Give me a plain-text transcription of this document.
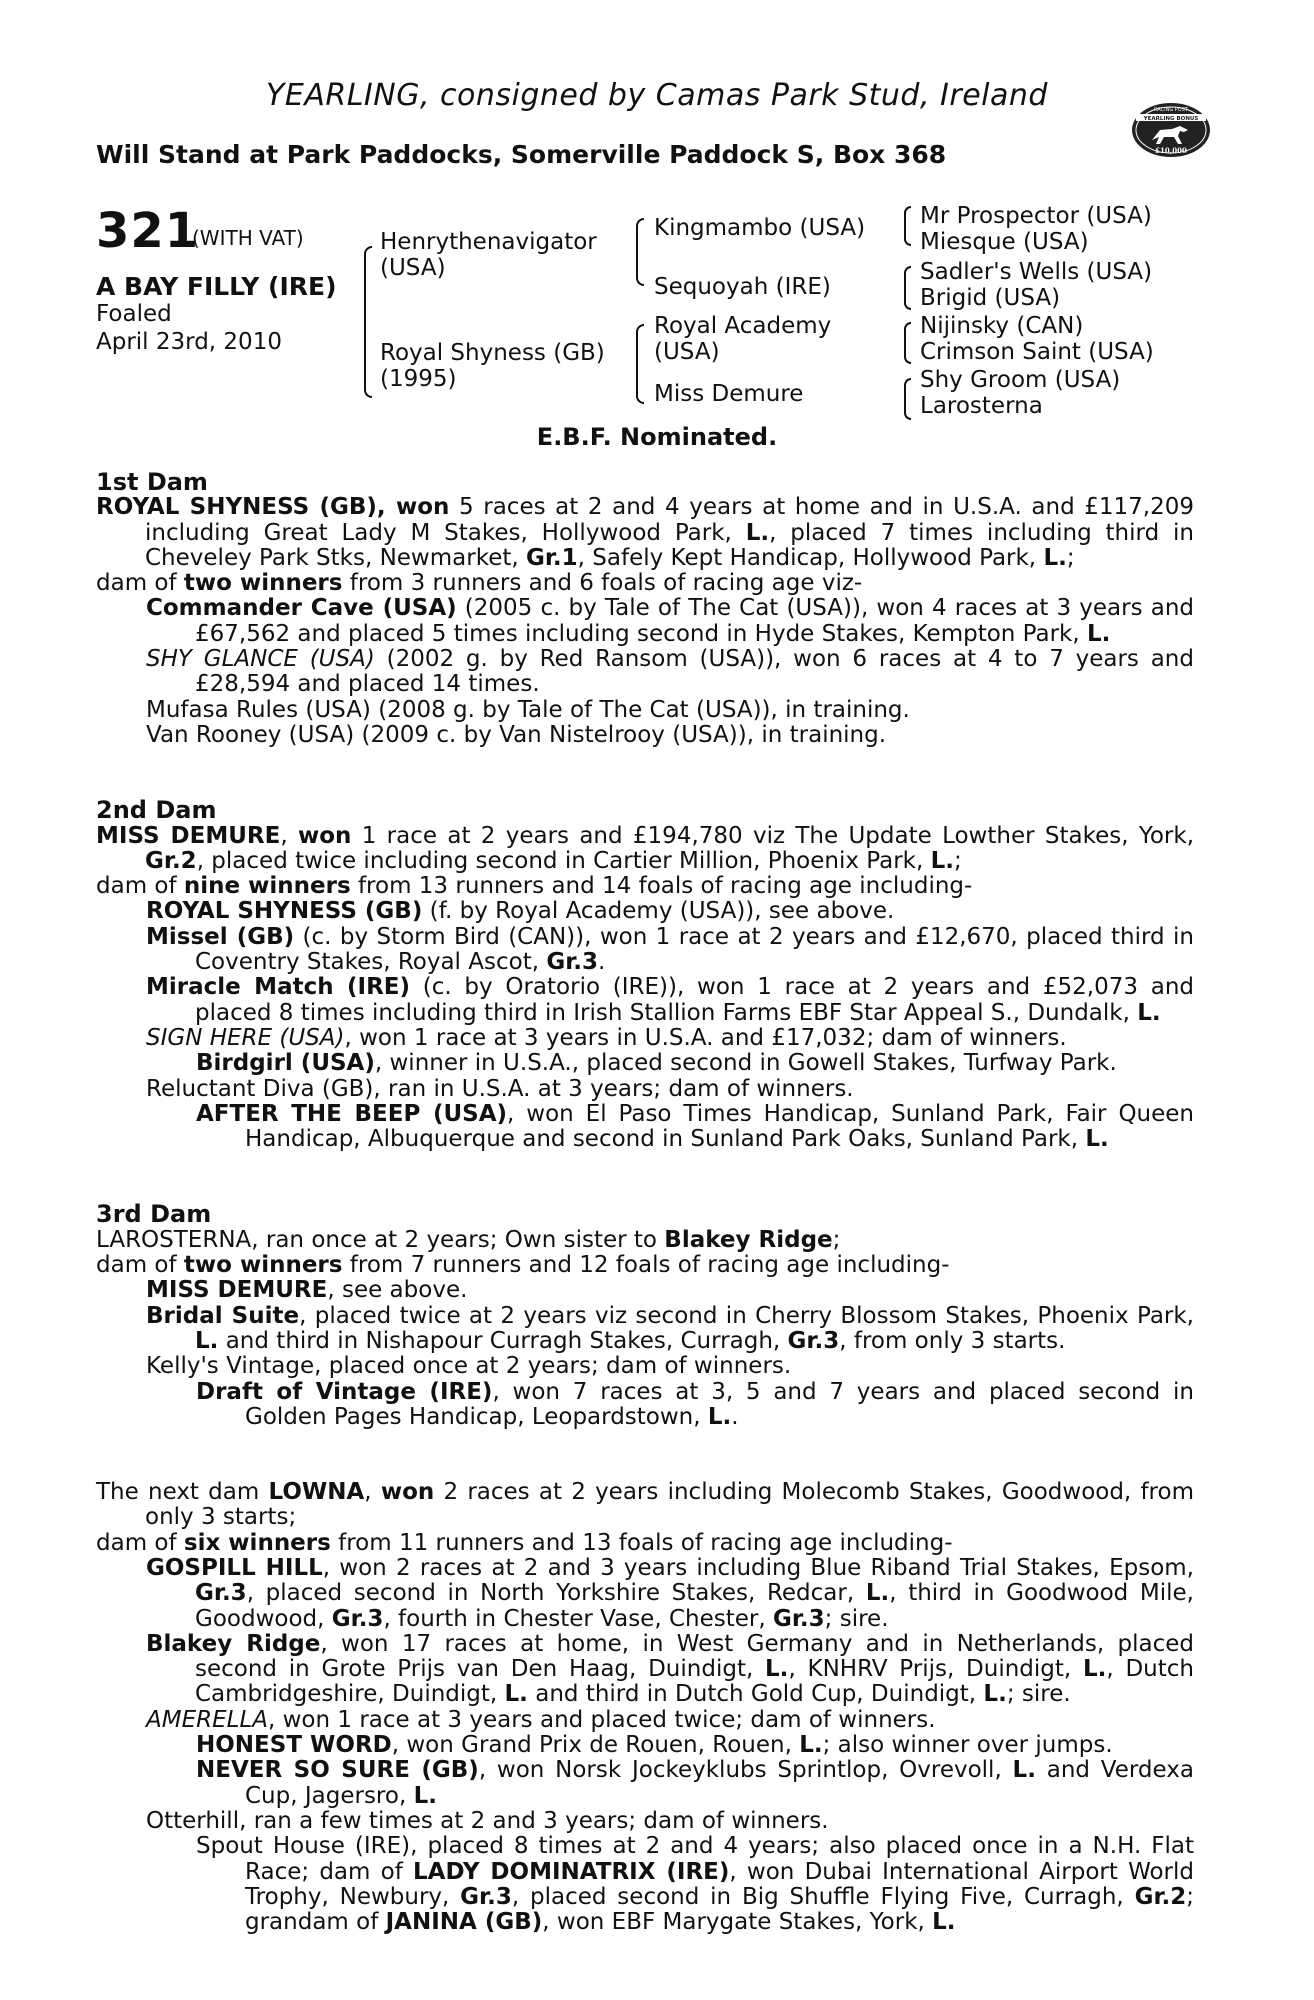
YEARLING, consigned by Camas Park Stud, Ireland
Will Stand at Park Paddocks, Somerville Paddock S, Box 368
RACING POST
YEARLING BONUS
£10,000
321
(WITH VAT)
A BAY FILLY (IRE)
Foaled
April 23rd, 2010
Henrythenavigator
(USA)
Royal Shyness (GB)
(1995)
Kingmambo (USA)
Sequoyah (IRE)
Royal Academy
(USA)
Miss Demure
Mr Prospector (USA)
Miesque (USA)
Sadler's Wells (USA)
Brigid (USA)
Nijinsky (CAN)
Crimson Saint (USA)
Shy Groom (USA)
Larosterna
E.B.F. Nominated.
1st Dam
ROYAL SHYNESS (GB), won 5 races at 2 and 4 years at home and in U.S.A. and £117,209 including Great Lady M Stakes, Hollywood Park, L., placed 7 times including third in Cheveley Park Stks, Newmarket, Gr.1, Safely Kept Handicap, Hollywood Park, L.;
dam of two winners from 3 runners and 6 foals of racing age viz-
Commander Cave (USA) (2005 c. by Tale of The Cat (USA)), won 4 races at 3 years and £67,562 and placed 5 times including second in Hyde Stakes, Kempton Park, L.
SHY GLANCE (USA) (2002 g. by Red Ransom (USA)), won 6 races at 4 to 7 years and £28,594 and placed 14 times.
Mufasa Rules (USA) (2008 g. by Tale of The Cat (USA)), in training.
Van Rooney (USA) (2009 c. by Van Nistelrooy (USA)), in training.
2nd Dam
MISS DEMURE, won 1 race at 2 years and £194,780 viz The Update Lowther Stakes, York, Gr.2, placed twice including second in Cartier Million, Phoenix Park, L.;
dam of nine winners from 13 runners and 14 foals of racing age including-
ROYAL SHYNESS (GB) (f. by Royal Academy (USA)), see above.
Missel (GB) (c. by Storm Bird (CAN)), won 1 race at 2 years and £12,670, placed third in Coventry Stakes, Royal Ascot, Gr.3.
Miracle Match (IRE) (c. by Oratorio (IRE)), won 1 race at 2 years and £52,073 and placed 8 times including third in Irish Stallion Farms EBF Star Appeal S., Dundalk, L.
SIGN HERE (USA), won 1 race at 3 years in U.S.A. and £17,032; dam of winners.
Birdgirl (USA), winner in U.S.A., placed second in Gowell Stakes, Turfway Park.
Reluctant Diva (GB), ran in U.S.A. at 3 years; dam of winners.
AFTER THE BEEP (USA), won El Paso Times Handicap, Sunland Park, Fair Queen Handicap, Albuquerque and second in Sunland Park Oaks, Sunland Park, L.
3rd Dam
LAROSTERNA, ran once at 2 years; Own sister to Blakey Ridge;
dam of two winners from 7 runners and 12 foals of racing age including-
MISS DEMURE, see above.
Bridal Suite, placed twice at 2 years viz second in Cherry Blossom Stakes, Phoenix Park, L. and third in Nishapour Curragh Stakes, Curragh, Gr.3, from only 3 starts.
Kelly's Vintage, placed once at 2 years; dam of winners.
Draft of Vintage (IRE), won 7 races at 3, 5 and 7 years and placed second in Golden Pages Handicap, Leopardstown, L..
The next dam LOWNA, won 2 races at 2 years including Molecomb Stakes, Goodwood, from only 3 starts;
dam of six winners from 11 runners and 13 foals of racing age including-
GOSPILL HILL, won 2 races at 2 and 3 years including Blue Riband Trial Stakes, Epsom, Gr.3, placed second in North Yorkshire Stakes, Redcar, L., third in Goodwood Mile, Goodwood, Gr.3, fourth in Chester Vase, Chester, Gr.3; sire.
Blakey Ridge, won 17 races at home, in West Germany and in Netherlands, placed second in Grote Prijs van Den Haag, Duindigt, L., KNHRV Prijs, Duindigt, L., Dutch Cambridgeshire, Duindigt, L. and third in Dutch Gold Cup, Duindigt, L.; sire.
AMERELLA, won 1 race at 3 years and placed twice; dam of winners.
HONEST WORD, won Grand Prix de Rouen, Rouen, L.; also winner over jumps.
NEVER SO SURE (GB), won Norsk Jockeyklubs Sprintlop, Ovrevoll, L. and Verdexa Cup, Jagersro, L.
Otterhill, ran a few times at 2 and 3 years; dam of winners.
Spout House (IRE), placed 8 times at 2 and 4 years; also placed once in a N.H. Flat Race; dam of LADY DOMINATRIX (IRE), won Dubai International Airport World Trophy, Newbury, Gr.3, placed second in Big Shuffle Flying Five, Curragh, Gr.2; grandam of JANINA (GB), won EBF Marygate Stakes, York, L.
